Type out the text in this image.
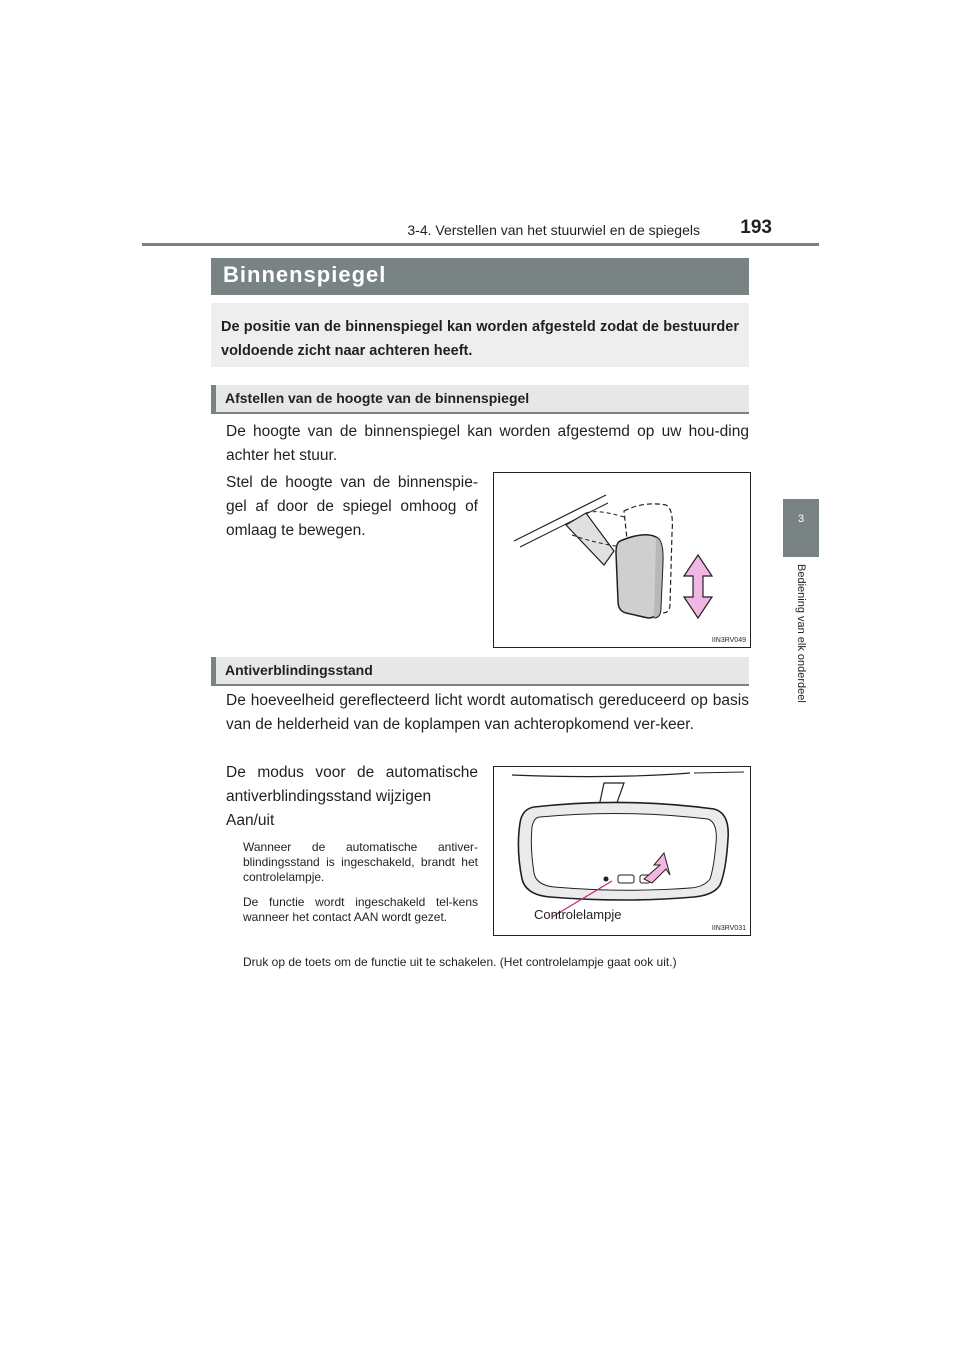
3-4. Verstellen van het stuurwiel en de spiegels	193
3
Bediening van elk onderdeel
Binnenspiegel
De positie van de binnenspiegel kan worden afgesteld zodat de bestuurder voldoende zicht naar achteren heeft.
Afstellen van de hoogte van de binnenspiegel
De hoogte van de binnenspiegel kan worden afgestemd op uw hou-ding achter het stuur.
Stel de hoogte van de binnenspie-gel af door de spiegel omhoog of omlaag te bewegen.
IIN3RV049
Antiverblindingsstand
De hoeveelheid gereflecteerd licht wordt automatisch gereduceerd op basis van de helderheid van de koplampen van achteropkomend ver-keer.
De modus voor de automatische antiverblindingsstand wijzigen
Aan/uit
Wanneer de automatische antiver-blindingsstand is ingeschakeld, brandt het controlelampje.
De functie wordt ingeschakeld tel-kens wanneer het contact AAN wordt gezet.
Druk op de toets om de functie uit te schakelen. (Het controlelampje gaat ook uit.)
Controlelampje
IIN3RV031
